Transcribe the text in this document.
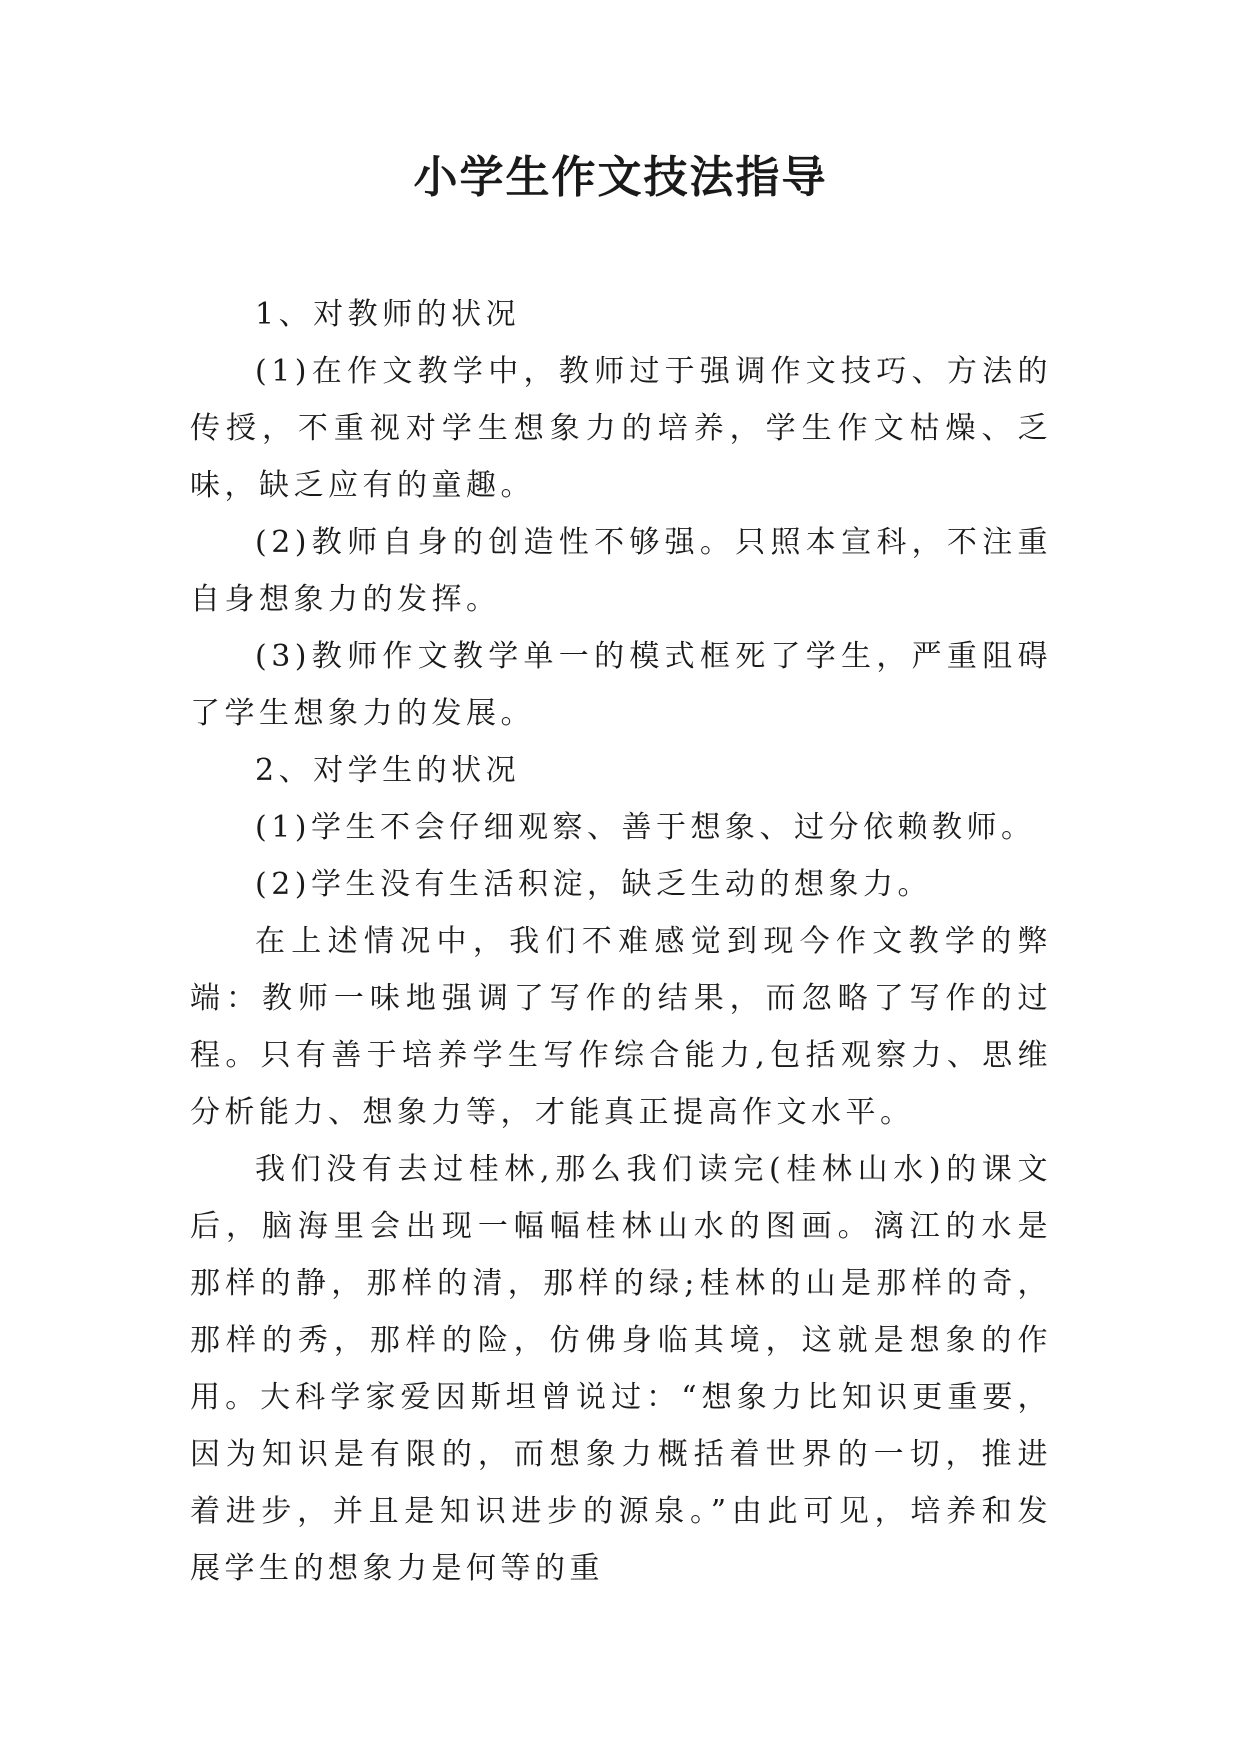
小学生作文技法指导

1、对教师的状况

(1)在作文教学中，教师过于强调作文技巧、方法的传授，不重视对学生想象力的培养，学生作文枯燥、乏味，缺乏应有的童趣。

(2)教师自身的创造性不够强。只照本宣科，不注重自身想象力的发挥。

(3)教师作文教学单一的模式框死了学生，严重阻碍了学生想象力的发展。

2、对学生的状况

(1)学生不会仔细观察、善于想象、过分依赖教师。

(2)学生没有生活积淀，缺乏生动的想象力。

在上述情况中，我们不难感觉到现今作文教学的弊端：教师一味地强调了写作的结果，而忽略了写作的过程。只有善于培养学生写作综合能力,包括观察力、思维分析能力、想象力等，才能真正提高作文水平。

我们没有去过桂林,那么我们读完(桂林山水)的课文后，脑海里会出现一幅幅桂林山水的图画。漓江的水是那样的静，那样的清，那样的绿;桂林的山是那样的奇，那样的秀，那样的险，仿佛身临其境，这就是想象的作用。大科学家爱因斯坦曾说过：“想象力比知识更重要，因为知识是有限的，而想象力概括着世界的一切，推进着进步，并且是知识进步的源泉。”由此可见，培养和发展学生的想象力是何等的重
